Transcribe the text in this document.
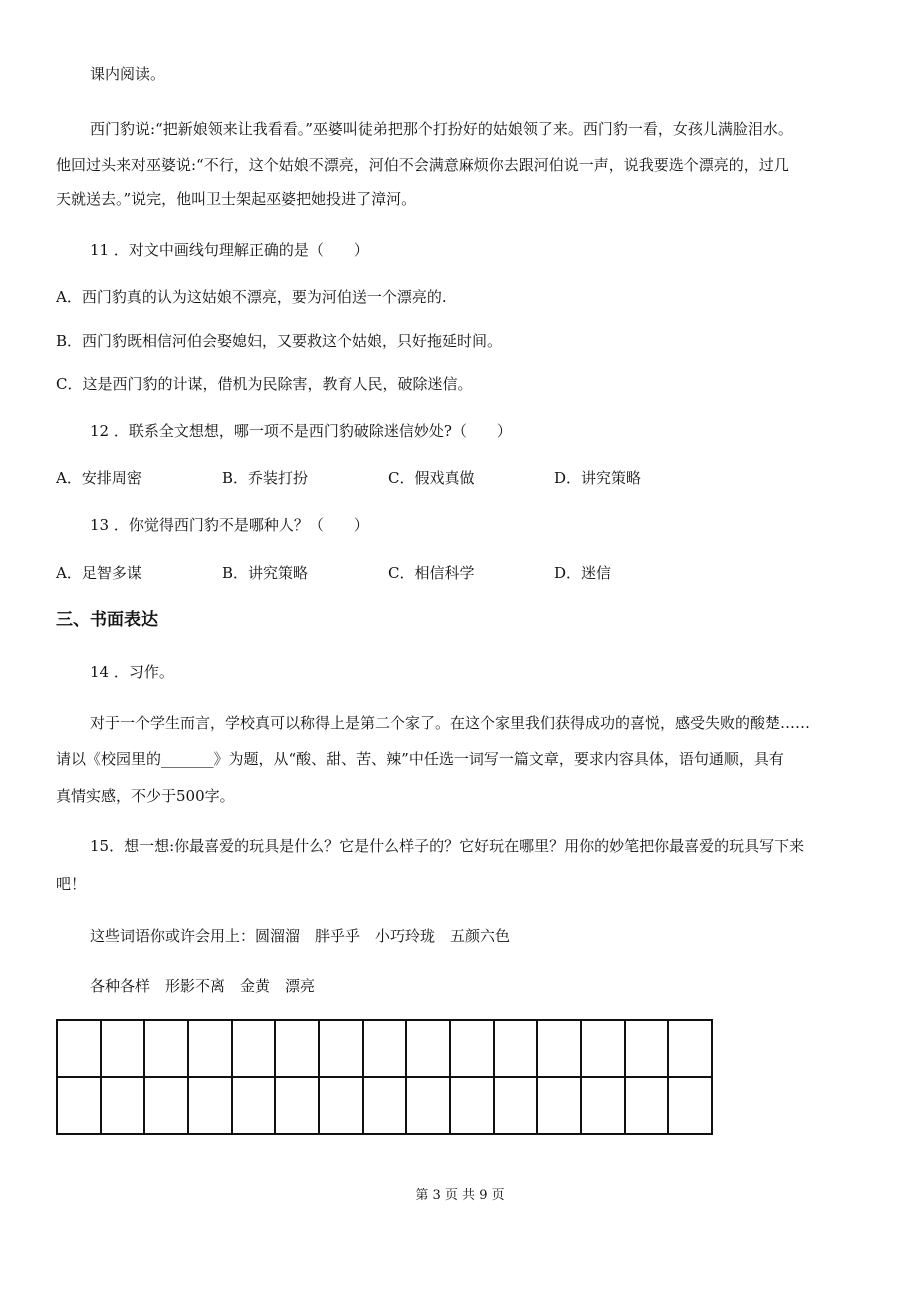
课内阅读。
西门豹说:“把新娘领来让我看看。”巫婆叫徒弟把那个打扮好的姑娘领了来。西门豹一看，女孩儿满脸泪水。
他回过头来对巫婆说:“不行，这个姑娘不漂亮，河伯不会满意麻烦你去跟河伯说一声，说我要选个漂亮的，过几
天就送去。”说完，他叫卫士架起巫婆把她投进了漳河。
11 ．对文中画线句理解正确的是（　　）
A．西门豹真的认为这姑娘不漂亮，要为河伯送一个漂亮的.
B．西门豹既相信河伯会娶媳妇，又要救这个姑娘，只好拖延时间。
C．这是西门豹的计谋，借机为民除害，教育人民，破除迷信。
12 ．联系全文想想，哪一项不是西门豹破除迷信妙处?（　　）
A．安排周密	B．乔装打扮	C．假戏真做	D．讲究策略
13 ．你觉得西门豹不是哪种人？（　　）
A．足智多谋	B．讲究策略	C．相信科学	D．迷信
三、书面表达
14 ．习作。
对于一个学生而言，学校真可以称得上是第二个家了。在这个家里我们获得成功的喜悦，感受失败的酸楚……
请以《校园里的_______》为题，从“酸、甜、苦、辣”中任选一词写一篇文章，要求内容具体，语句通顺，具有
真情实感，不少于500字。
15．想一想:你最喜爱的玩具是什么？它是什么样子的？它好玩在哪里？用你的妙笔把你最喜爱的玩具写下来
吧！
这些词语你或许会用上：圆溜溜　胖乎乎　小巧玲珑　五颜六色
各种各样　形影不离　金黄　漂亮

第 3 页 共 9 页
